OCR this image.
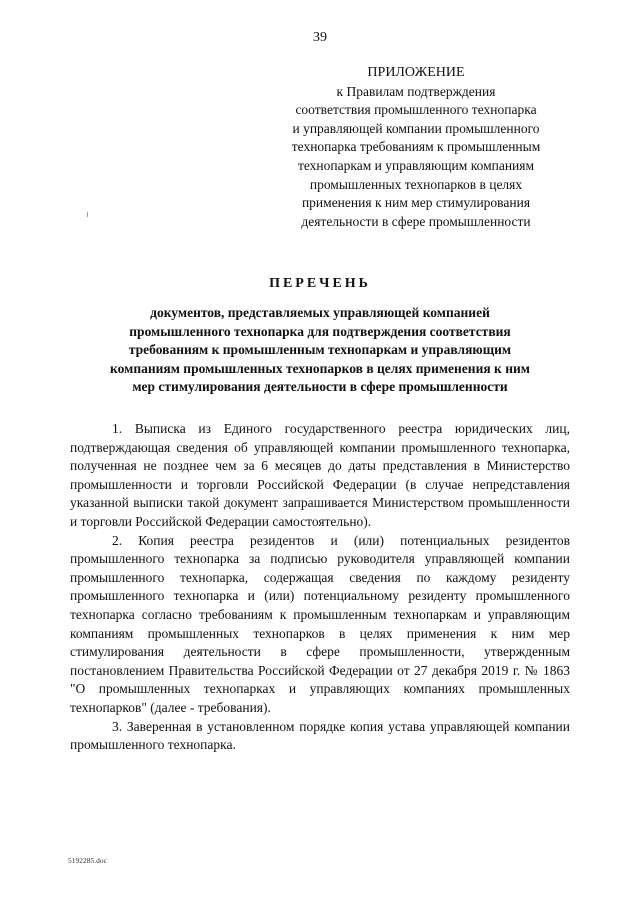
39
ПРИЛОЖЕНИЕ
к Правилам подтверждения
соответствия промышленного технопарка
и управляющей компании промышленного
технопарка требованиям к промышленным
технопаркам и управляющим компаниям
промышленных технопарков в целях
применения к ним мер стимулирования
деятельности в сфере промышленности
ПЕРЕЧЕНЬ
документов, представляемых управляющей компанией
промышленного технопарка для подтверждения соответствия
требованиям к промышленным технопаркам и управляющим
компаниям промышленных технопарков в целях применения к ним
мер стимулирования деятельности в сфере промышленности

1. Выписка из Единого государственного реестра юридических лиц, подтверждающая сведения об управляющей компании промышленного технопарка, полученная не позднее чем за 6 месяцев до даты представления в Министерство промышленности и торговли Российской Федерации (в случае непредставления указанной выписки такой документ запрашивается Министерством промышленности и торговли Российской Федерации самостоятельно).

2. Копия реестра резидентов и (или) потенциальных резидентов промышленного технопарка за подписью руководителя управляющей компании промышленного технопарка, содержащая сведения по каждому резиденту промышленного технопарка и (или) потенциальному резиденту промышленного технопарка согласно требованиям к промышленным технопаркам и управляющим компаниям промышленных технопарков в целях применения к ним мер стимулирования деятельности в сфере промышленности, утвержденным постановлением Правительства Российской Федерации от 27 декабря 2019 г. № 1863 "О промышленных технопарках и управляющих компаниях промышленных технопарков" (далее - требования).

3. Заверенная в установленном порядке копия устава управляющей компании промышленного технопарка.

5192285.doc
